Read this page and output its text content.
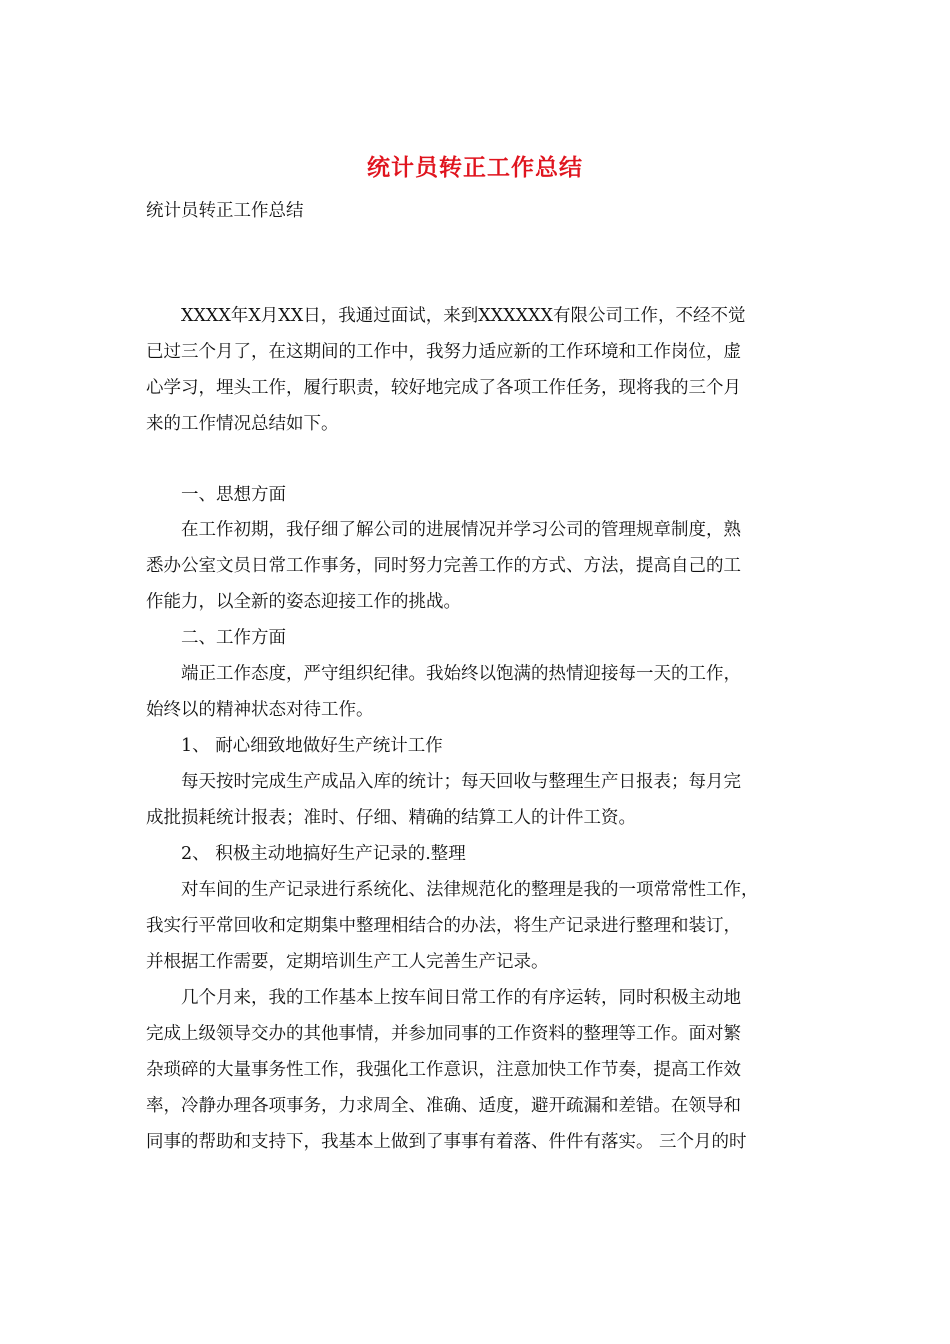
统计员转正工作总结
统计员转正工作总结
　　XXXX年X月XX日，我通过面试，来到XXXXXX有限公司工作，不经不觉
已过三个月了，在这期间的工作中，我努力适应新的工作环境和工作岗位，虚
心学习，埋头工作，履行职责，较好地完成了各项工作任务，现将我的三个月
来的工作情况总结如下。
　　一、思想方面
　　在工作初期，我仔细了解公司的进展情况并学习公司的管理规章制度，熟
悉办公室文员日常工作事务，同时努力完善工作的方式、方法，提高自己的工
作能力，以全新的姿态迎接工作的挑战。
　　二、工作方面
　　端正工作态度，严守组织纪律。我始终以饱满的热情迎接每一天的工作，
始终以的精神状态对待工作。
　　1、 耐心细致地做好生产统计工作
　　每天按时完成生产成品入库的统计；每天回收与整理生产日报表；每月完
成批损耗统计报表；准时、仔细、精确的结算工人的计件工资。
　　2、 积极主动地搞好生产记录的.整理
　　对车间的生产记录进行系统化、法律规范化的整理是我的一项常常性工作，
我实行平常回收和定期集中整理相结合的办法，将生产记录进行整理和装订，
并根据工作需要，定期培训生产工人完善生产记录。
　　几个月来，我的工作基本上按车间日常工作的有序运转，同时积极主动地
完成上级领导交办的其他事情，并参加同事的工作资料的整理等工作。面对繁
杂琐碎的大量事务性工作，我强化工作意识，注意加快工作节奏，提高工作效
率，冷静办理各项事务，力求周全、准确、适度，避开疏漏和差错。在领导和
同事的帮助和支持下，我基本上做到了事事有着落、件件有落实。 三个月的时
